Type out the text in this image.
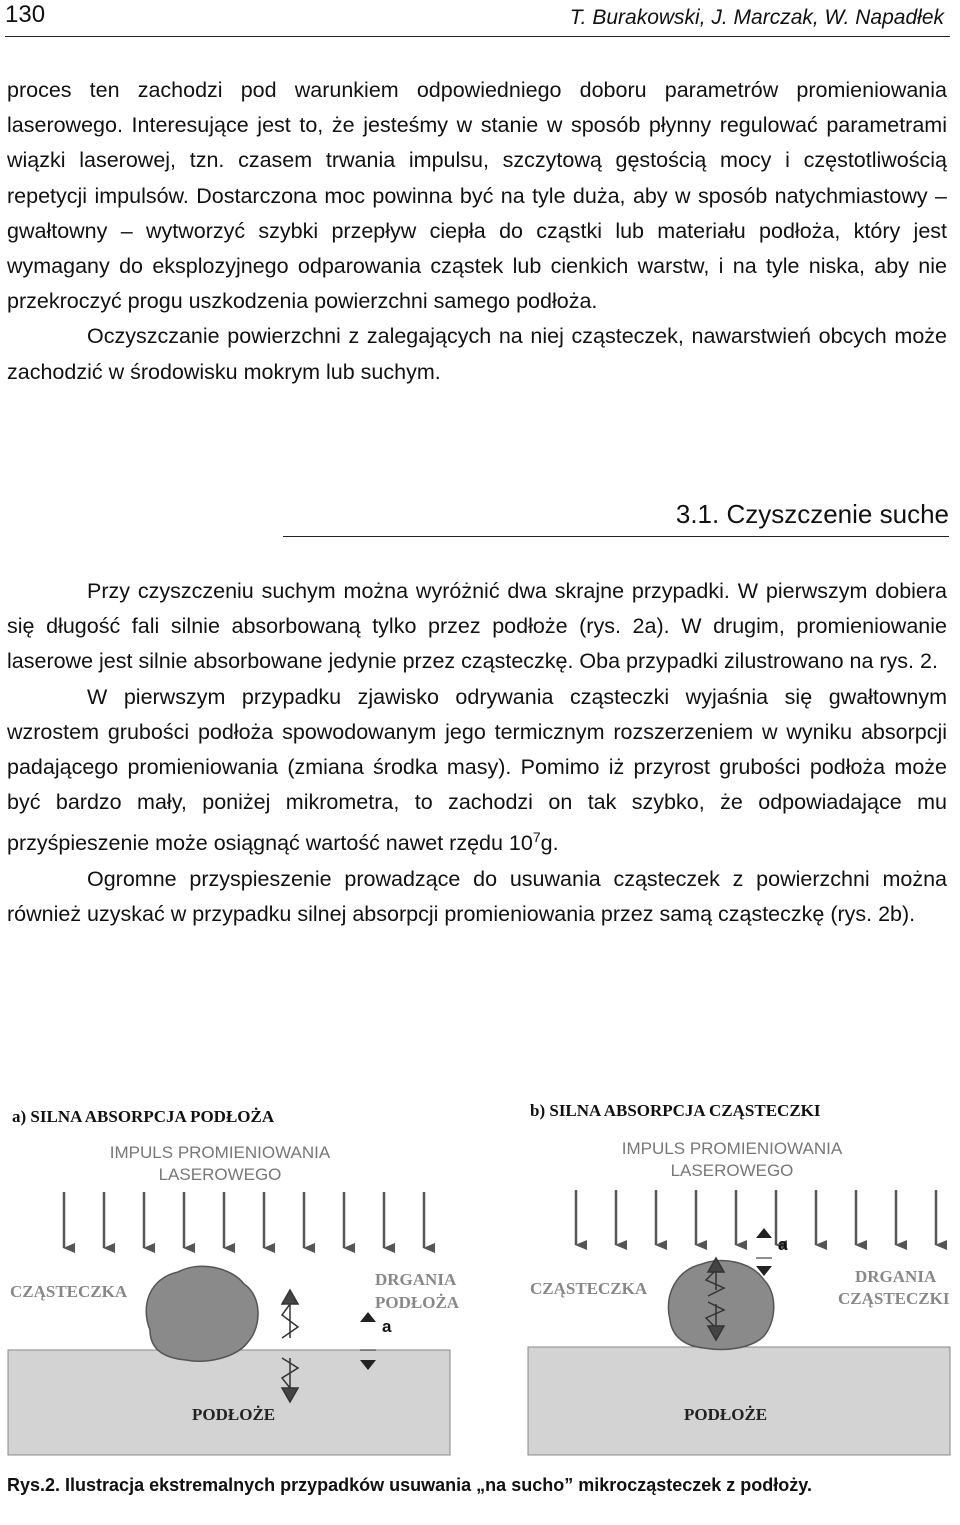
130	T. Burakowski, J. Marczak, W. Napadłek

proces ten zachodzi pod warunkiem odpowiedniego doboru parametrów promieniowania laserowego. Interesujące jest to, że jesteśmy w stanie w sposób płynny regulować parametrami wiązki laserowej, tzn. czasem trwania impulsu, szczytową gęstością mocy i częstotliwością repetycji impulsów. Dostarczona moc powinna być na tyle duża, aby w sposób natychmiastowy – gwałtowny – wytworzyć szybki przepływ ciepła do cząstki lub materiału podłoża, który jest wymagany do eksplozyjnego odparowania cząstek lub cienkich warstw, i na tyle niska, aby nie przekroczyć progu uszkodzenia powierzchni samego podłoża.

Oczyszczanie powierzchni z zalegających na niej cząsteczek, nawarstwień obcych może zachodzić w środowisku mokrym lub suchym.

3.1. Czyszczenie suche

Przy czyszczeniu suchym można wyróżnić dwa skrajne przypadki. W pierwszym dobiera się długość fali silnie absorbowaną tylko przez podłoże (rys. 2a). W drugim, promieniowanie laserowe jest silnie absorbowane jedynie przez cząsteczkę. Oba przypadki zilustrowano na rys. 2.

W pierwszym przypadku zjawisko odrywania cząsteczki wyjaśnia się gwałtownym wzrostem grubości podłoża spowodowanym jego termicznym rozszerzeniem w wyniku absorpcji padającego promieniowania (zmiana środka masy). Pomimo iż przyrost grubości podłoża może być bardzo mały, poniżej mikrometra, to zachodzi on tak szybko, że odpowiadające mu przyśpieszenie może osiągnąć wartość nawet rzędu $10^7g$.

Ogromne przyspieszenie prowadzące do usuwania cząsteczek z powierzchni można również uzyskać w przypadku silnej absorpcji promieniowania przez samą cząsteczkę (rys. 2b).

a) SILNA ABSORPCJA PODŁOŻA
IMPULS PROMIENIOWANIA
LASEROWEGO
CZĄSTECZKA
DRGANIA
PODŁOŻA
a
PODŁOŻE
b) SILNA ABSORPCJA CZĄSTECZKI
IMPULS PROMIENIOWANIA
LASEROWEGO
CZĄSTECZKA
DRGANIA
CZĄSTECZKI
a
PODŁOŻE

Rys.2. Ilustracja ekstremalnych przypadków usuwania „na sucho” mikrocząsteczek z podłoży.
